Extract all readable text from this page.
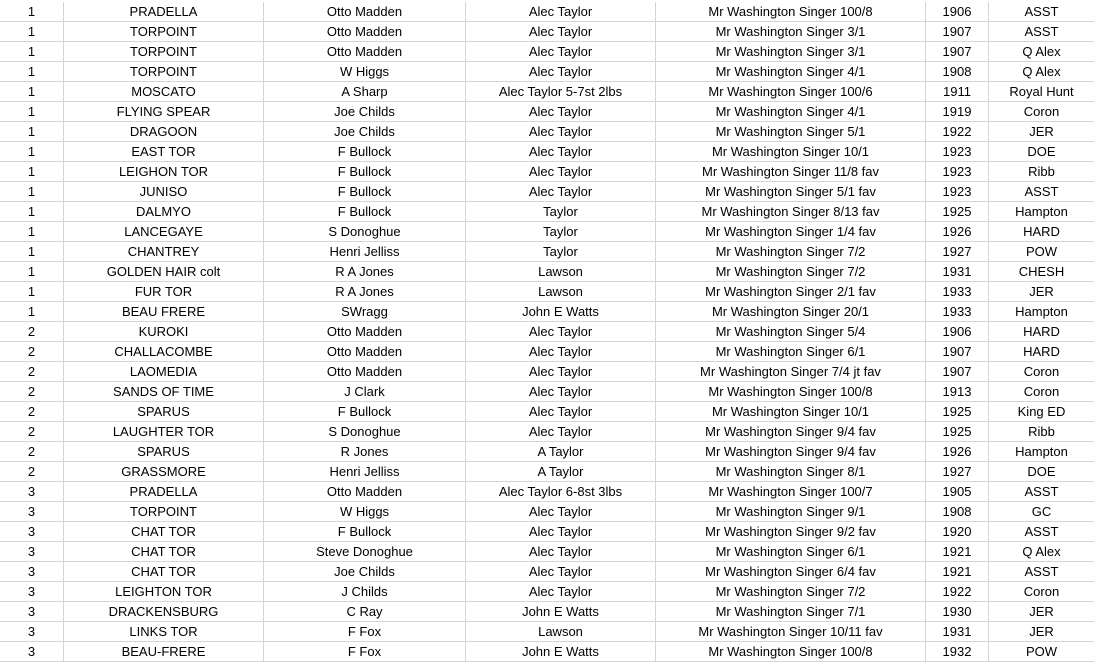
1	PRADELLA	Otto Madden	Alec Taylor	Mr Washington Singer 100/8	1906	ASST
1	TORPOINT	Otto Madden	Alec Taylor	Mr Washington Singer 3/1	1907	ASST
1	TORPOINT	Otto Madden	Alec Taylor	Mr Washington Singer 3/1	1907	Q Alex
1	TORPOINT	W Higgs	Alec Taylor	Mr Washington Singer 4/1	1908	Q Alex
1	MOSCATO	A Sharp	Alec Taylor 5-7st 2lbs	Mr Washington Singer 100/6	1911	Royal Hunt
1	FLYING SPEAR	Joe Childs	Alec Taylor	Mr Washington Singer 4/1	1919	Coron
1	DRAGOON	Joe Childs	Alec Taylor	Mr Washington Singer 5/1	1922	JER
1	EAST TOR	F Bullock	Alec Taylor	Mr Washington Singer 10/1	1923	DOE
1	LEIGHON TOR	F Bullock	Alec Taylor	Mr Washington Singer 11/8 fav	1923	Ribb
1	JUNISO	F Bullock	Alec Taylor	Mr Washington Singer 5/1 fav	1923	ASST
1	DALMYO	F Bullock	Taylor	Mr Washington Singer 8/13 fav	1925	Hampton
1	LANCEGAYE	S Donoghue	Taylor	Mr Washington Singer 1/4 fav	1926	HARD
1	CHANTREY	Henri Jelliss	Taylor	Mr Washington Singer 7/2	1927	POW
1	GOLDEN HAIR colt	R A Jones	Lawson	Mr Washington Singer 7/2	1931	CHESH
1	FUR TOR	R A Jones	Lawson	Mr Washington Singer 2/1 fav	1933	JER
1	BEAU FRERE	SWragg	John E Watts	Mr Washington Singer 20/1	1933	Hampton
2	KUROKI	Otto Madden	Alec Taylor	Mr Washington Singer 5/4	1906	HARD
2	CHALLACOMBE	Otto Madden	Alec Taylor	Mr Washington Singer 6/1	1907	HARD
2	LAOMEDIA	Otto Madden	Alec Taylor	Mr Washington Singer 7/4 jt fav	1907	Coron
2	SANDS OF TIME	J Clark	Alec Taylor	Mr Washington Singer 100/8	1913	Coron
2	SPARUS	F Bullock	Alec Taylor	Mr Washington Singer 10/1	1925	King ED
2	LAUGHTER TOR	S Donoghue	Alec Taylor	Mr Washington Singer 9/4 fav	1925	Ribb
2	SPARUS	R Jones	A Taylor	Mr Washington Singer 9/4 fav	1926	Hampton
2	GRASSMORE	Henri Jelliss	A Taylor	Mr Washington Singer 8/1	1927	DOE
3	PRADELLA	Otto Madden	Alec Taylor 6-8st 3lbs	Mr Washington Singer 100/7	1905	ASST
3	TORPOINT	W Higgs	Alec Taylor	Mr Washington Singer 9/1	1908	GC
3	CHAT TOR	F Bullock	Alec Taylor	Mr Washington Singer 9/2 fav	1920	ASST
3	CHAT TOR	Steve Donoghue	Alec Taylor	Mr Washington Singer 6/1	1921	Q Alex
3	CHAT TOR	Joe Childs	Alec Taylor	Mr Washington Singer 6/4 fav	1921	ASST
3	LEIGHTON TOR	J Childs	Alec Taylor	Mr Washington Singer 7/2	1922	Coron
3	DRACKENSBURG	C Ray	John E Watts	Mr Washington Singer 7/1	1930	JER
3	LINKS TOR	F Fox	Lawson	Mr Washington Singer 10/11 fav	1931	JER
3	BEAU-FRERE	F Fox	John E Watts	Mr Washington Singer 100/8	1932	POW
